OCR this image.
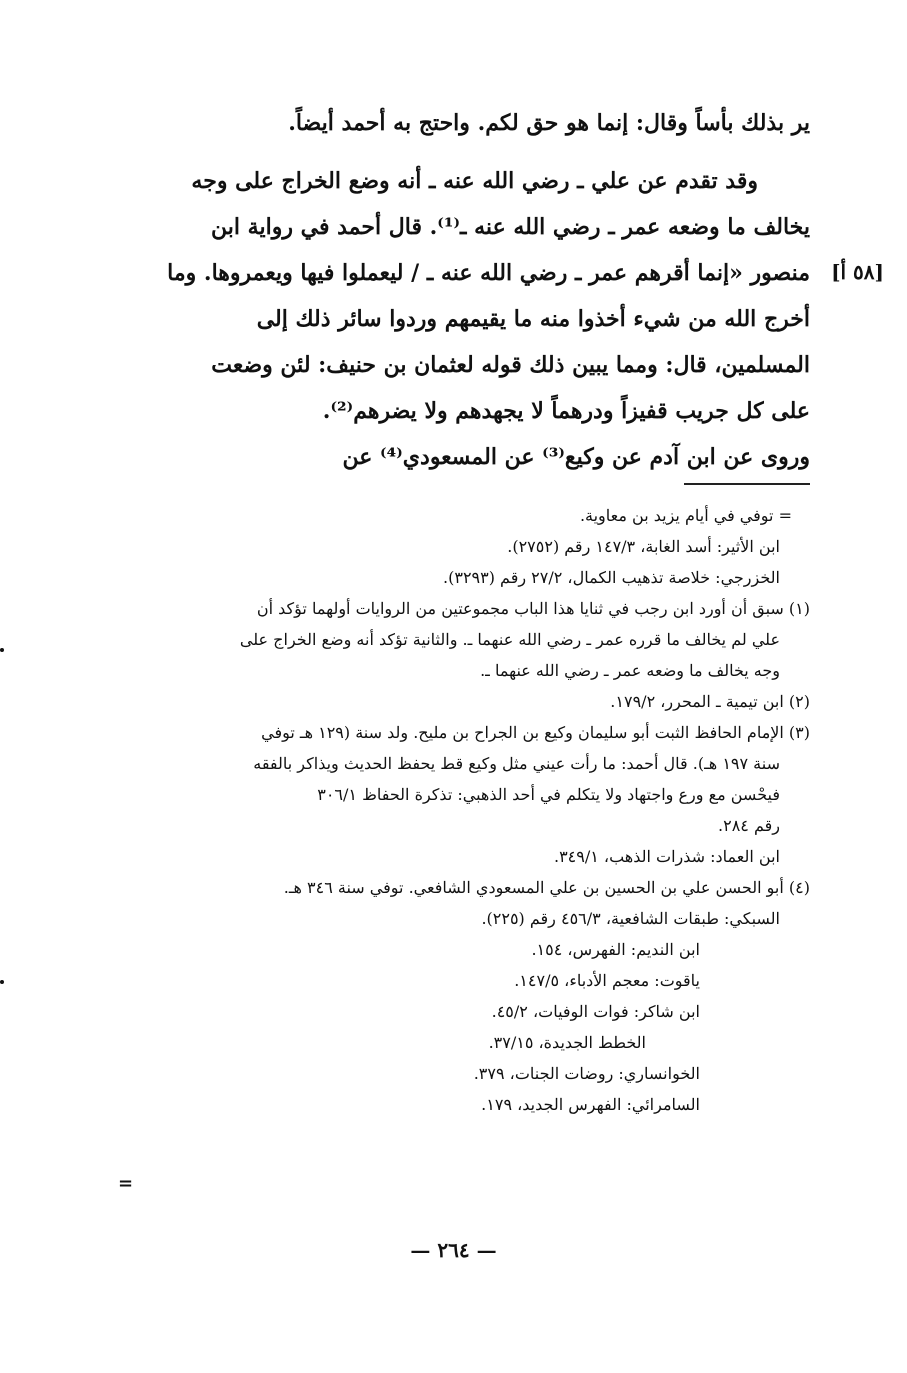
ير بذلك بأساً وقال: إنما هو حق لكم. واحتج به أحمد أيضاً.
وقد تقدم عن علي ـ رضي الله عنه ـ أنه وضع الخراج على وجه
يخالف ما وضعه عمر ـ رضي الله عنه ـ⁽¹⁾. قال أحمد في رواية ابن
منصور «إنما أقرهم عمر ـ رضي الله عنه ـ / ليعملوا فيها ويعمروها. وما
أخرج الله من شيء أخذوا منه ما يقيمهم وردوا سائر ذلك إلى
المسلمين، قال: ومما يبين ذلك قوله لعثمان بن حنيف: لئن وضعت
على كل جريب قفيزاً ودرهماً لا يجهدهم ولا يضرهم⁽²⁾.
وروى عن ابن آدم عن وكيع⁽³⁾ عن المسعودي⁽⁴⁾ عن
[٥٨ أ]
= توفي في أيام يزيد بن معاوية.
ابن الأثير: أسد الغابة، ١٤٧/٣ رقم (٢٧٥٢).
الخزرجي: خلاصة تذهيب الكمال، ٢٧/٢ رقم (٣٢٩٣).
(١) سبق أن أورد ابن رجب في ثنايا هذا الباب مجموعتين من الروايات أولهما تؤكد أن
علي لم يخالف ما قرره عمر ـ رضي الله عنهما ـ. والثانية تؤكد أنه وضع الخراج على
وجه يخالف ما وضعه عمر ـ رضي الله عنهما ـ.
(٢) ابن تيمية ـ المحرر، ١٧٩/٢.
(٣) الإمام الحافظ الثبت أبو سليمان وكيع بن الجراح بن مليح. ولد سنة (١٢٩ هـ توفي
سنة ١٩٧ هـ). قال أحمد: ما رأت عيني مثل وكيع قط يحفظ الحديث ويذاكر بالفقه
فيحْسن مع ورع واجتهاد ولا يتكلم في أحد الذهبي: تذكرة الحفاظ ٣٠٦/١
رقم ٢٨٤.
ابن العماد: شذرات الذهب، ٣٤٩/١.
(٤) أبو الحسن علي بن الحسين بن علي المسعودي الشافعي. توفي سنة ٣٤٦ هـ.
السبكي: طبقات الشافعية، ٤٥٦/٣ رقم (٢٢٥).
ابن النديم: الفهرس، ١٥٤.
ياقوت: معجم الأدباء، ١٤٧/٥.
ابن شاكر: فوات الوفيات، ٤٥/٢.
الخطط الجديدة، ٣٧/١٥.
الخوانساري: روضات الجنات، ٣٧٩.
السامرائي: الفهرس الجديد، ١٧٩.
=
— ٢٦٤ —
